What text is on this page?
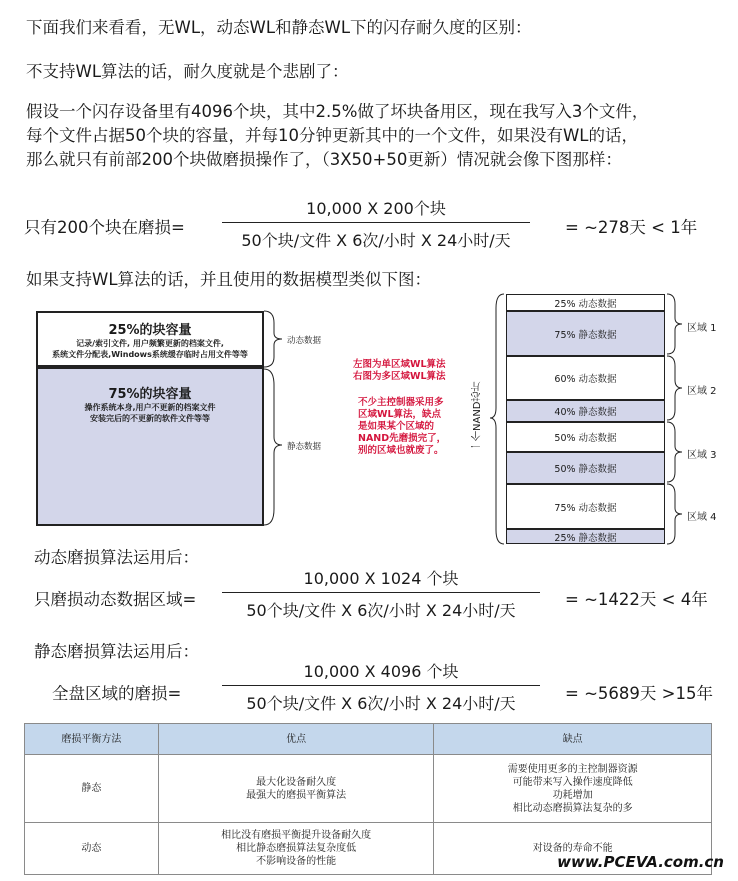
下面我们来看看，无WL，动态WL和静态WL下的闪存耐久度的区别：
不支持WL算法的话，耐久度就是个悲剧了：
假设一个闪存设备里有4096个块，其中2.5%做了坏块备用区，现在我写入3个文件，
每个文件占据50个块的容量，并每10分钟更新其中的一个文件，如果没有WL的话，
那么就只有前部200个块做磨损操作了，（3X50+50更新）情况就会像下图那样：
只有200个块在磨损=
10,000 X 200个块
50个块/文件 X 6次/小时 X 24小时/天
= ~278天 < 1年
如果支持WL算法的话，并且使用的数据模型类似下图：
25%的块容量
记录/索引文件, 用户频繁更新的档案文件,
系统文件分配表,Windows系统缓存临时占用文件等等
75%的块容量
操作系统本身,用户不更新的档案文件
安装完后的不更新的软件文件等等
动态数据
静态数据
左图为单区域WL算法
右图为多区域WL算法
不少主控制器采用多
区域WL算法，缺点
是如果某个区域的
NAND先磨损完了，
别的区域也就废了。	一个NAND芯片
25% 动态数据
75% 静态数据
60% 动态数据
40% 静态数据
50% 动态数据
50% 静态数据
75% 动态数据
25% 静态数据
区域 1
区域 2
区域 3
区域 4
动态磨损算法运用后：
只磨损动态数据区域=
10,000 X 1024 个块
50个块/文件 X 6次/小时 X 24小时/天
= ~1422天 < 4年
静态磨损算法运用后：
全盘区域的磨损=
10,000 X 4096 个块
50个块/文件 X 6次/小时 X 24小时/天
= ~5689天 >15年
磨损平衡方法	优点	缺点
静态	最大化设备耐久度
最强大的磨损平衡算法	需要使用更多的主控制器资源
可能带来写入操作速度降低
功耗增加
相比动态磨损算法复杂的多

动态	相比没有磨损平衡提升设备耐久度
相比静态磨损算法复杂度低
不影响设备的性能	对设备的寿命不能
www.PCEVA.com.cn
